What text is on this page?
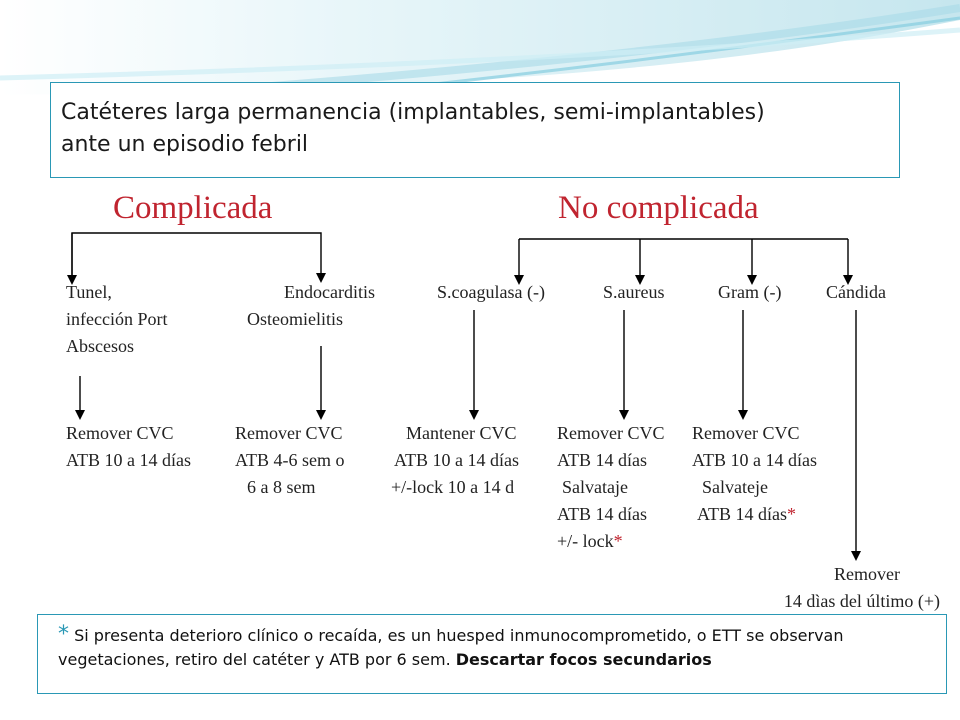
Catéteres larga permanencia (implantables, semi-implantables)
ante un episodio febril
Complicada	No complicada
Tunel,
infección Port
Abscesos
Endocarditis
Osteomielitis
S.coagulasa (-)	S.aureus	Gram (-) Cándida
Remover CVC
ATB 10 a 14 días
Remover CVC
ATB 4-6 sem o
6 a 8 sem
Mantener CVC
ATB 10 a 14 días
+/-lock 10 a 14 d
Remover CVC
ATB 14 días
Salvataje
ATB 14 días
+/- lock*
Remover CVC
ATB 10 a 14 días
Salvateje
ATB 14 días*
Remover
14 dìas del último (+)
* Si presenta deterioro clínico o recaída, es un huesped inmunocomprometido, o ETT se observan vegetaciones, retiro del catéter y ATB por 6 sem. Descartar focos secundarios
